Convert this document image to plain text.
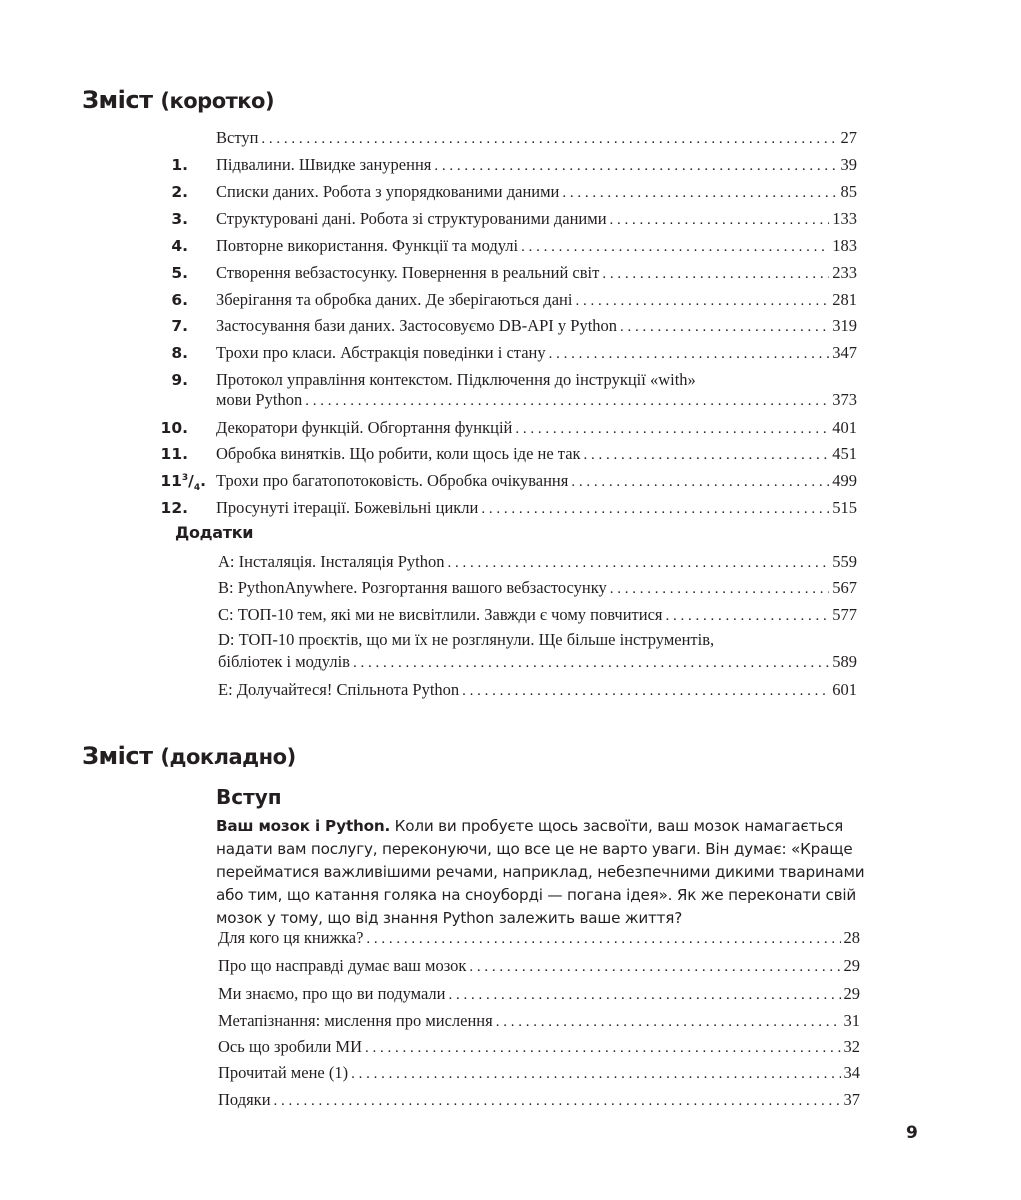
Зміст (коротко)
Вступ . . .	27
1. Підвалини. Швидке занурення . . .	39
2. Списки даних. Робота з упорядкованими даними . . .	85
3. Структуровані дані. Робота зі структурованими даними . . .	133
4. Повторне використання. Функції та модулі . . .	183
5. Створення вебзастосунку. Повернення в реальний світ . . .	233
6. Зберігання та обробка даних. Де зберігаються дані . . .	281
7. Застосування бази даних. Застосовуємо DB-API у Python . . .	319
8. Трохи про класи. Абстракція поведінки і стану . . .	347
9. Протокол управління контекстом. Підключення до інструкції «with»
мови Python . . .	373
10. Декоратори функцій. Обгортання функцій . . .	401
11. Обробка винятків. Що робити, коли щось іде не так . . .	451
$11^3/_4$. Трохи про багатопотоковість. Обробка очікування . . .	499
12. Просунуті ітерації. Божевільні цикли . . .	515
Додатки
A: Інсталяція. Інсталяція Python . . .	559
B: PythonAnywhere. Розгортання вашого вебзастосунку . . .	567
C: ТОП-10 тем, які ми не висвітлили. Завжди є чому повчитися . . .	577
D: ТОП-10 проєктів, що ми їх не розглянули. Ще більше інструментів,
бібліотек і модулів . . .	589
E: Долучайтеся! Спільнота Python . . .	601
Зміст (докладно)
Вступ

Ваш мозок і Python. Коли ви пробуєте щось засвоїти, ваш мозок намагається надати вам послугу, переконуючи, що все це не варто уваги. Він думає: «Краще перейматися важливішими речами, наприклад, небезпечними дикими тваринами або тим, що катання голяка на сноуборді — погана ідея». Як же переконати свій мозок у тому, що від знання Python залежить ваше життя?

Для кого ця книжка? . . .	28
Про що насправді думає ваш мозок . . .	29
Ми знаємо, про що ви подумали . . .	29
Метапізнання: мислення про мислення . . .	31
Ось що зробили МИ . . .	32
Прочитай мене (1) . . .	34
Подяки . . .	37
9
